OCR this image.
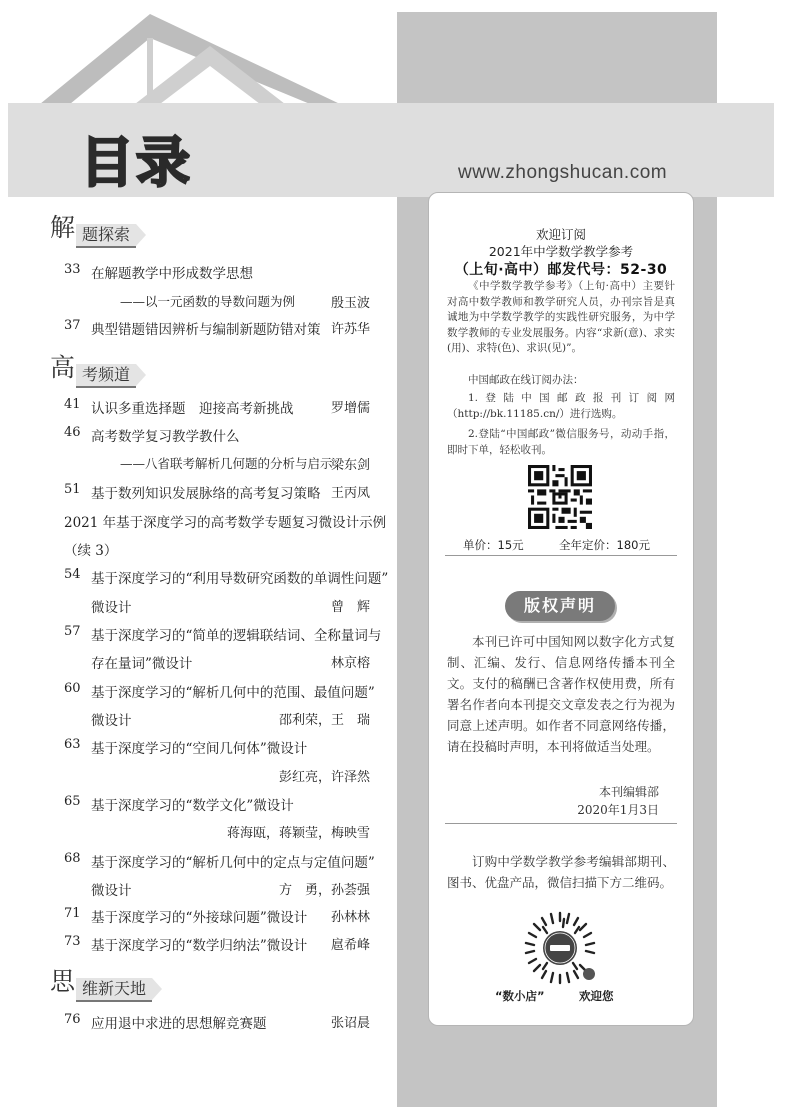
目录	www.zhongshucan.com
解 题探索
33 在解题教学中形成数学思想
——以一元函数的导数问题为例	殷玉波
37 典型错题错因辨析与编制新题防错对策 许苏华
高 考频道
41 认识多重选择题　迎接高考新挑战	罗增儒
46 高考数学复习教学教什么
——八省联考解析几何题的分析与启示
梁东剑
51 基于数列知识发展脉络的高考复习策略 王丙凤
2021 年基于深度学习的高考数学专题复习微设计示例
（续 3）
54 基于深度学习的“利用导数研究函数的单调性问题”
微设计	曾　辉
57 基于深度学习的“简单的逻辑联结词、全称量词与
存在量词”微设计	林京榕
60 基于深度学习的“解析几何中的范围、最值问题”
微设计	邵利荣，王　瑞
63 基于深度学习的“空间几何体”微设计
彭红亮，许泽然
65 基于深度学习的“数学文化”微设计
蒋海瓯，蒋颖莹，梅映雪
68 基于深度学习的“解析几何中的定点与定值问题”
微设计	方　勇，孙荟强
71 基于深度学习的“外接球问题”微设计 孙林林
73 基于深度学习的“数学归纳法”微设计 扈希峰
思 维新天地
76 应用退中求进的思想解竞赛题	张诏晨
欢迎订阅
2021年中学数学教学参考
（上旬·高中）邮发代号：52-30
《中学数学教学参考》（上旬·高中）主要针对高中数学教师和教学研究人员，办刊宗旨是真诚地为中学数学教学的实践性研究服务，为中学数学教师的专业发展服务。内容“求新(意)、求实(用)、求特(色)、求识(见)”。
中国邮政在线订阅办法：
1.登陆中国邮政报刊订阅网（http://bk.11185.cn/）进行选购。
2.登陆“中国邮政”微信服务号，动动手指，即时下单，轻松收刊。
单价：15元	全年定价：180元
版权声明
本刊已许可中国知网以数字化方式复制、汇编、发行、信息网络传播本刊全文。支付的稿酬已含著作权使用费，所有署名作者向本刊提交文章发表之行为视为同意上述声明。如作者不同意网络传播，请在投稿时声明，本刊将做适当处理。
本刊编辑部
2020年1月3日
订购中学数学教学参考编辑部期刊、图书、优盘产品，微信扫描下方二维码。
“数小店”	欢迎您
